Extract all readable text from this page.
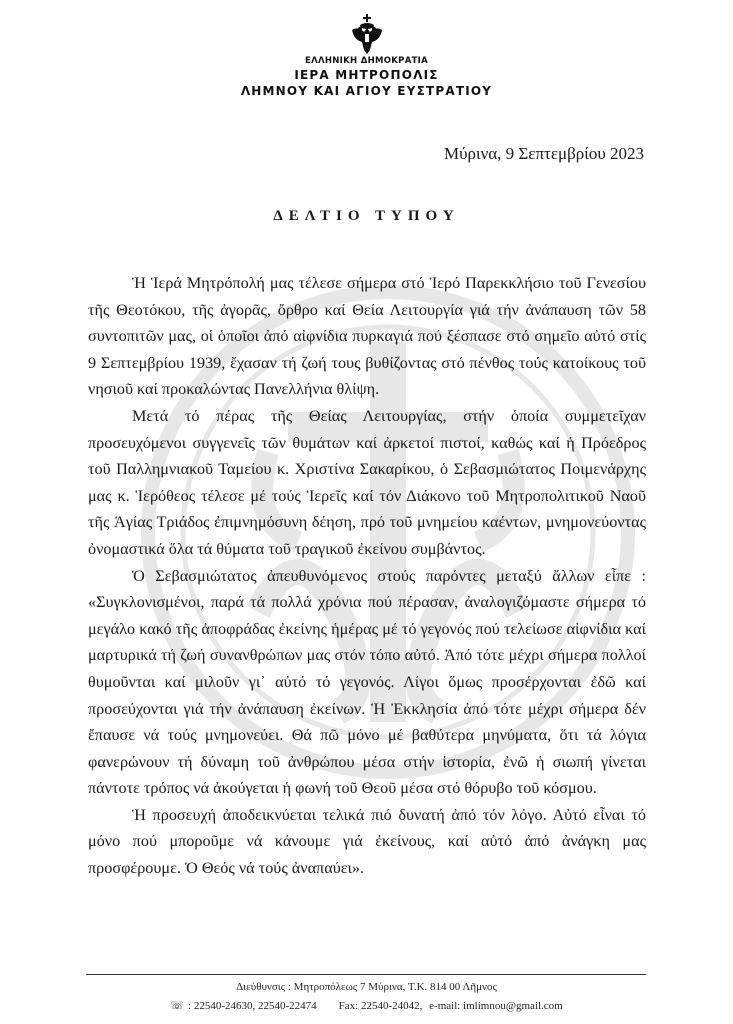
ΕΛΛΗΝΙΚΗ ΔΗΜΟΚΡΑΤΙΑ
ΙΕΡΑ ΜΗΤΡΟΠΟΛΙΣ
ΛΗΜΝΟΥ ΚΑΙ ΑΓΙΟΥ ΕΥΣΤΡΑΤΙΟΥ
Μύρινα, 9 Σεπτεμβρίου 2023
ΔΕΛΤΙΟ ΤΥΠΟΥ

Ἡ Ἱερά Μητρόπολή μας τέλεσε σήμερα στό Ἱερό Παρεκκλήσιο τοῦ Γενεσίου τῆς Θεοτόκου, τῆς ἀγορᾶς, ὄρθρο καί Θεία Λειτουργία γιά τήν ἀνάπαυση τῶν 58 συντοπιτῶν μας, οἱ ὁποῖοι ἀπό αἰφνίδια πυρκαγιά πού ξέσπασε στό σημεῖο αὐτό στίς 9 Σεπτεμβρίου 1939, ἔχασαν τή ζωή τους βυθίζοντας στό πένθος τούς κατοίκους τοῦ νησιοῦ καί προκαλώντας Πανελλήνια θλίψη.

Μετά τό πέρας τῆς Θείας Λειτουργίας, στήν ὁποία συμμετεῖχαν προσευχόμενοι συγγενεῖς τῶν θυμάτων καί ἀρκετοί πιστοί, καθώς καί ἡ Πρόεδρος τοῦ Παλλημνιακοῦ Ταμείου κ. Χριστίνα Σακαρίκου, ὁ Σεβασμιώτατος Ποιμενάρχης μας κ. Ἱερόθεος τέλεσε μέ τούς Ἱερεῖς καί τόν Διάκονο τοῦ Μητροπολιτικοῦ Ναοῦ τῆς Ἁγίας Τριάδος ἐπιμνημόσυνη δέηση, πρό τοῦ μνημείου καέντων, μνημονεύοντας ὀνομαστικά ὅλα τά θύματα τοῦ τραγικοῦ ἐκείνου συμβάντος.

Ὁ Σεβασμιώτατος ἀπευθυνόμενος στούς παρόντες μεταξύ ἄλλων εἶπε : «Συγκλονισμένοι, παρά τά πολλά χρόνια πού πέρασαν, ἀναλογιζόμαστε σήμερα τό μεγάλο κακό τῆς ἀποφράδας ἐκείνης ἡμέρας μέ τό γεγονός πού τελείωσε αἰφνίδια καί μαρτυρικά τή ζωή συνανθρώπων μας στόν τόπο αὐτό. Ἀπό τότε μέχρι σήμερα πολλοί θυμοῦνται καί μιλοῦν γι᾽ αὐτό τό γεγονός. Λίγοι ὅμως προσέρχονται ἐδῶ καί προσεύχονται γιά τήν ἀνάπαυση ἐκείνων. Ἡ Ἐκκλησία ἀπό τότε μέχρι σήμερα δέν ἔπαυσε νά τούς μνημονεύει. Θά πῶ μόνο μέ βαθύτερα μηνύματα, ὅτι τά λόγια φανερώνουν τή δύναμη τοῦ ἀνθρώπου μέσα στήν ἱστορία, ἐνῶ ἡ σιωπή γίνεται πάντοτε τρόπος νά ἀκούγεται ἡ φωνή τοῦ Θεοῦ μέσα στό θόρυβο τοῦ κόσμου.

Ἡ προσευχή ἀποδεικνύεται τελικά πιό δυνατή ἀπό τόν λόγο. Αὐτό εἶναι τό μόνο πού μποροῦμε νά κάνουμε γιά ἐκείνους, καί αὐτό ἀπό ἀνάγκη μας προσφέρουμε. Ὁ Θεός νά τούς ἀναπαύει».

Διεύθυνσις : Μητροπόλεως 7 Μύρινα, Τ.Κ. 814 00 Λῆμνος
☏ : 22540-24630, 22540-22474 Fax: 22540-24042, e-mail: imlimnou@gmail.com
